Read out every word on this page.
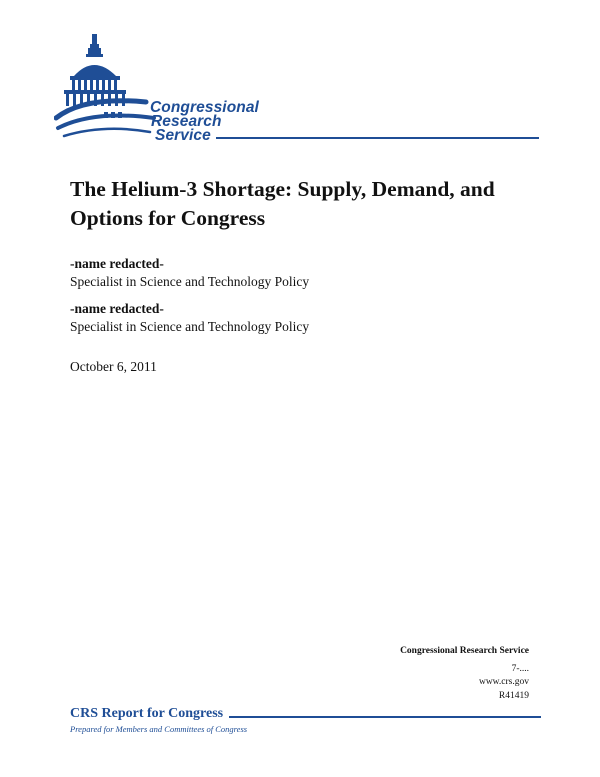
Congressional
Research
Service
The Helium-3 Shortage: Supply, Demand, and Options for Congress
-name redacted-
Specialist in Science and Technology Policy
-name redacted-
Specialist in Science and Technology Policy
October 6, 2011
Congressional Research Service
7-....
www.crs.gov
R41419
CRS Report for Congress
Prepared for Members and Committees of Congress
